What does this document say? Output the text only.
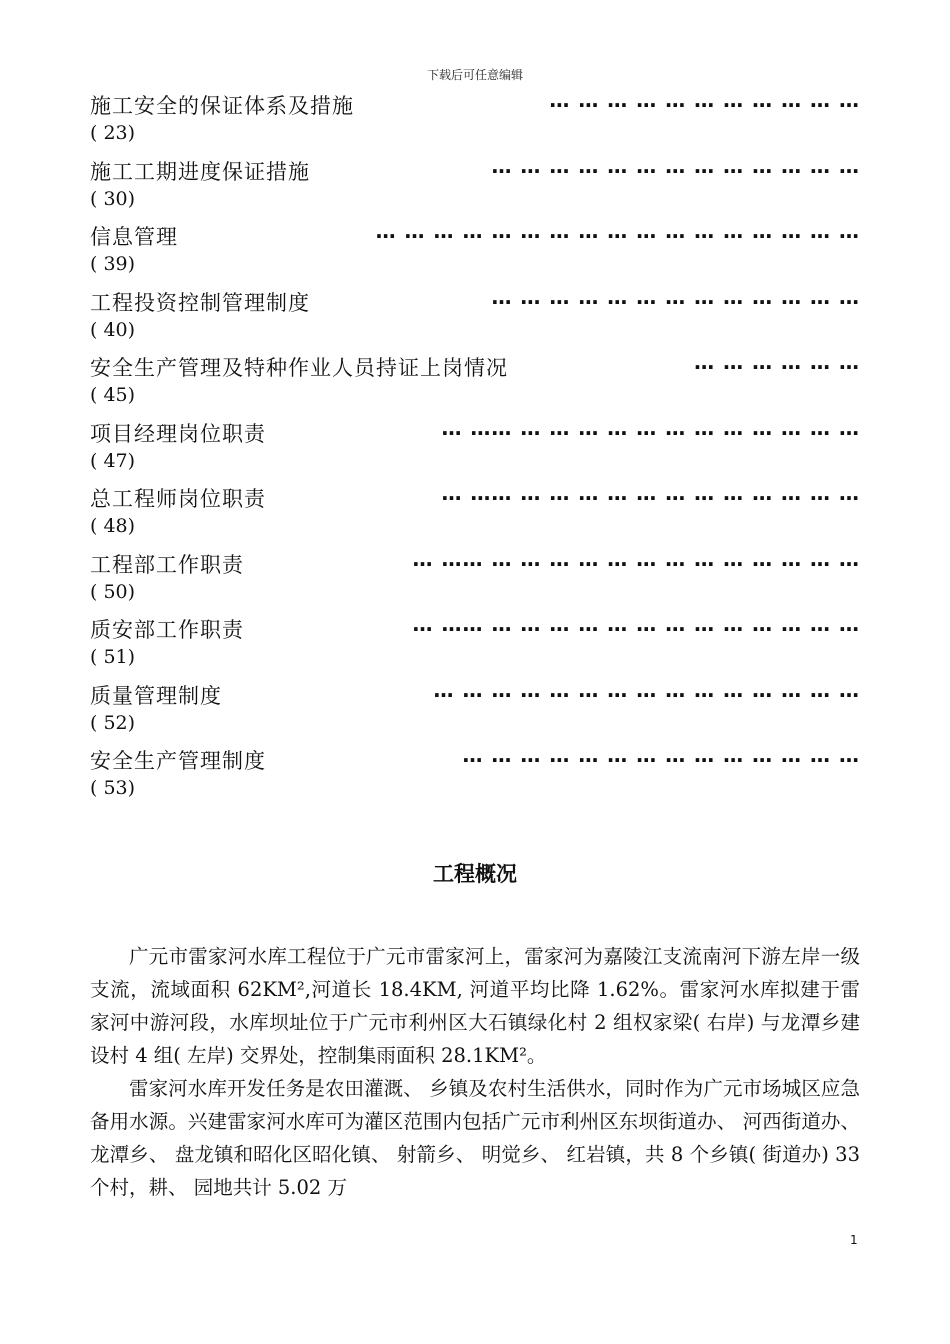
下载后可任意编辑
施工安全的保证体系及措施	… … … … … … … … … … …
( 23)
施工工期进度保证措施	… … … … … … … … … … … … …
( 30)
信息管理	… … … … … … … … … … … … … … … … …
( 39)
工程投资控制管理制度	… … … … … … … … … … … … …
( 40)
安全生产管理及特种作业人员持证上岗情况	… … … … … …
( 45)
项目经理岗位职责	… …… … … … … … … … … … … … …
( 47)
总工程师岗位职责	… …… … … … … … … … … … … … …
( 48)
工程部工作职责	… …… … … … … … … … … … … … … …
( 50)
质安部工作职责	… …… … … … … … … … … … … … … …
( 51)
质量管理制度	… … … … … … … … … … … … … … …
( 52)
安全生产管理制度	… … … … … … … … … … … … … …
( 53)
工程概况

广元市雷家河水库工程位于广元市雷家河上，雷家河为嘉陵江支流南河下游左岸一级支流，流域面积 62KM²,河道长 18.4KM, 河道平均比降 1.62%。雷家河水库拟建于雷家河中游河段，水库坝址位于广元市利州区大石镇绿化村 2 组权家梁( 右岸) 与龙潭乡建设村 4 组( 左岸) 交界处，控制集雨面积 28.1KM²。

雷家河水库开发任务是农田灌溉、 乡镇及农村生活供水，同时作为广元市场城区应急备用水源。兴建雷家河水库可为灌区范围内包括广元市利州区东坝街道办、 河西街道办、 龙潭乡、 盘龙镇和昭化区昭化镇、 射箭乡、 明觉乡、 红岩镇，共 8 个乡镇( 街道办) 33 个村，耕、 园地共计 5.02 万

1
